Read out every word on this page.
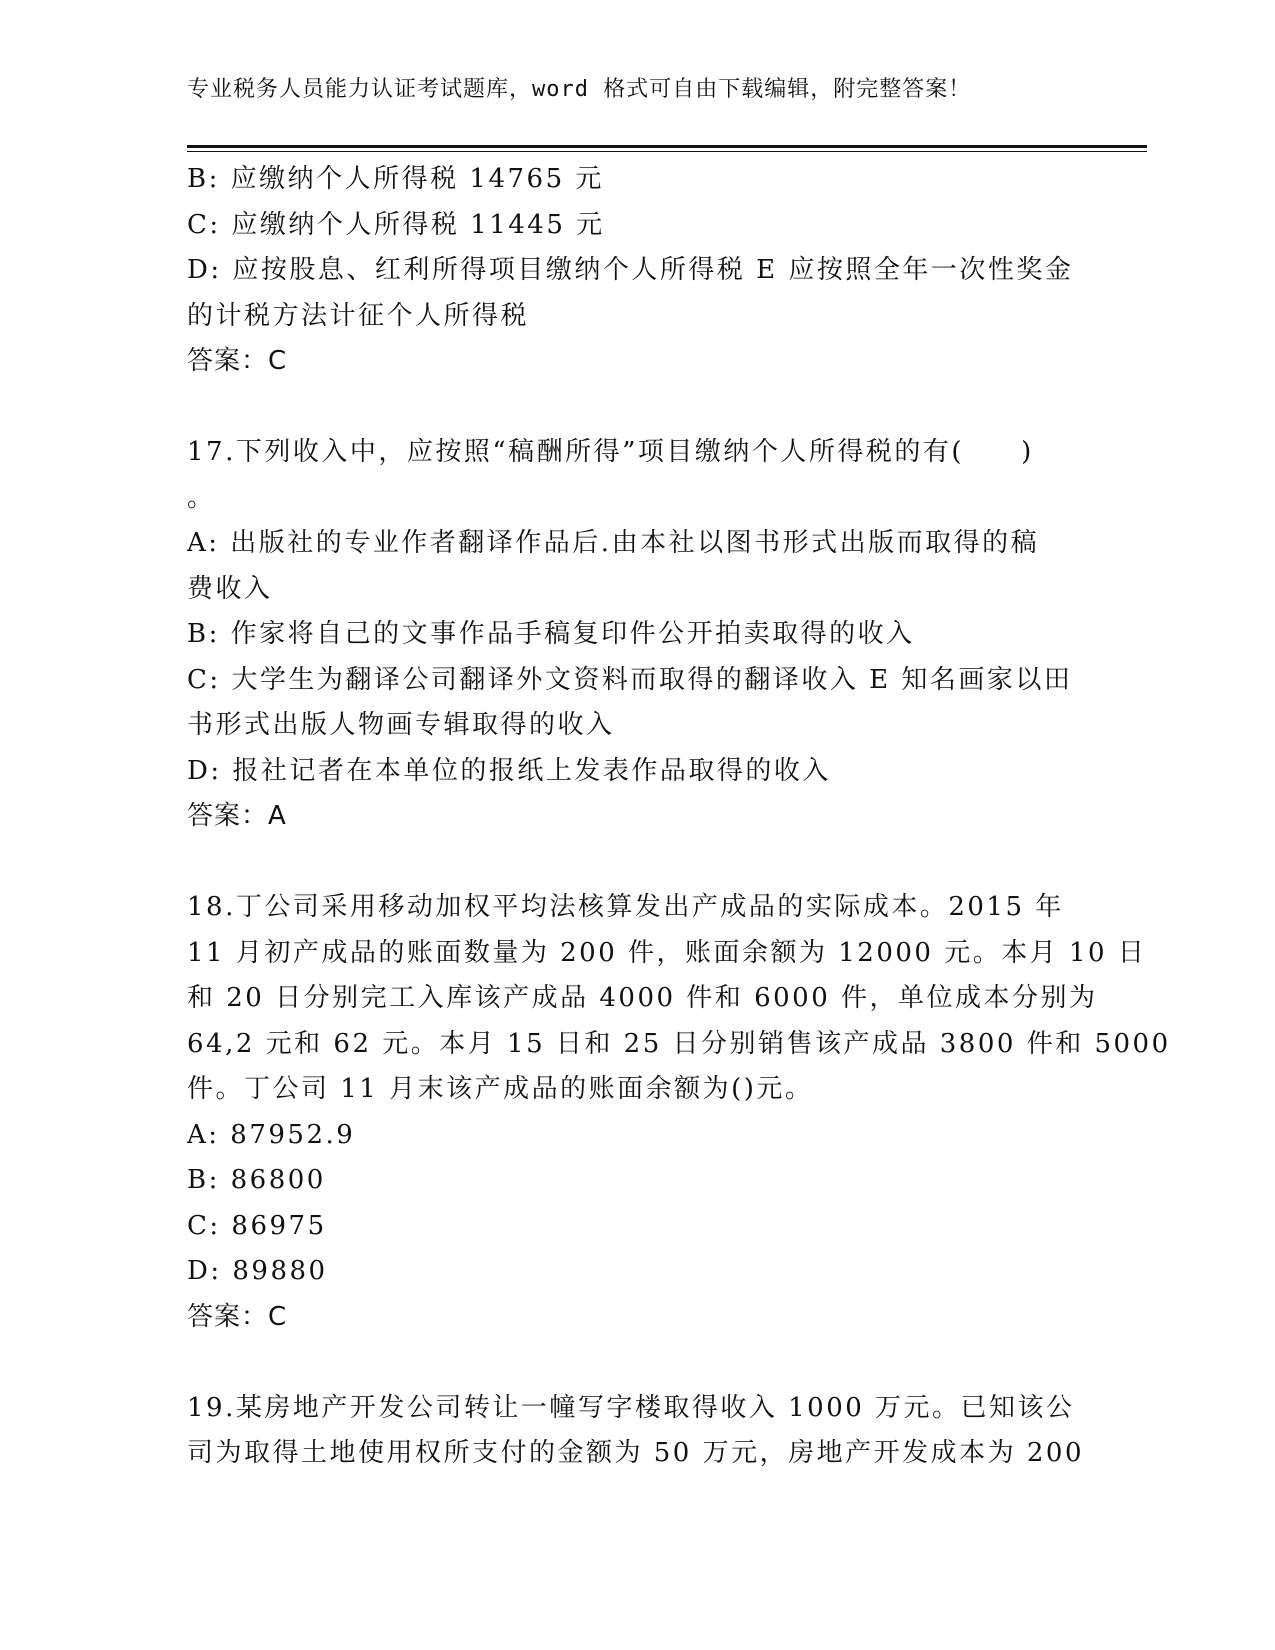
专业税务人员能力认证考试题库，word 格式可自由下载编辑，附完整答案！
B: 应缴纳个人所得税 14765 元
C: 应缴纳个人所得税 11445 元
D: 应按股息、红利所得项目缴纳个人所得税 E 应按照全年一次性奖金
的计税方法计征个人所得税
答案：C
17.下列收入中，应按照“稿酬所得”项目缴纳个人所得税的有(　　)
。
A: 出版社的专业作者翻译作品后.由本社以图书形式出版而取得的稿
费收入
B: 作家将自己的文事作品手稿复印件公开拍卖取得的收入
C: 大学生为翻译公司翻译外文资料而取得的翻译收入 E 知名画家以田
书形式出版人物画专辑取得的收入
D: 报社记者在本单位的报纸上发表作品取得的收入
答案：A
18.丁公司采用移动加权平均法核算发出产成品的实际成本。2015 年
11 月初产成品的账面数量为 200 件，账面余额为 12000 元。本月 10 日
和 20 日分别完工入库该产成品 4000 件和 6000 件，单位成本分别为
64,2 元和 62 元。本月 15 日和 25 日分别销售该产成品 3800 件和 5000
件。丁公司 11 月末该产成品的账面余额为()元。
A: 87952.9
B: 86800
C: 86975
D: 89880
答案：C
19.某房地产开发公司转让一幢写字楼取得收入 1000 万元。已知该公
司为取得土地使用权所支付的金额为 50 万元，房地产开发成本为 200
